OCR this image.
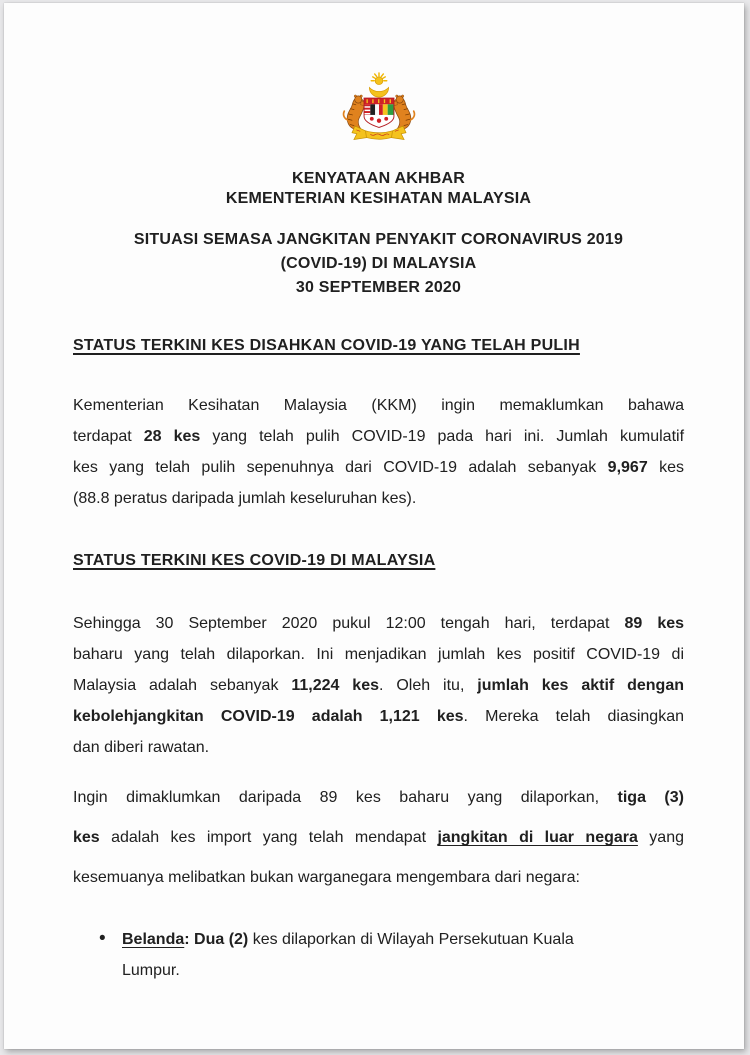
KENYATAAN AKHBAR
KEMENTERIAN KESIHATAN MALAYSIA
SITUASI SEMASA JANGKITAN PENYAKIT CORONAVIRUS 2019
(COVID-19) DI MALAYSIA
30 SEPTEMBER 2020
STATUS TERKINI KES DISAHKAN COVID-19 YANG TELAH PULIH

Kementerian Kesihatan Malaysia (KKM) ingin memaklumkan bahawa
terdapat 28 kes yang telah pulih COVID-19 pada hari ini. Jumlah kumulatif
kes yang telah pulih sepenuhnya dari COVID-19 adalah sebanyak 9,967 kes
(88.8 peratus daripada jumlah keseluruhan kes).

STATUS TERKINI KES COVID-19 DI MALAYSIA

Sehingga 30 September 2020 pukul 12:00 tengah hari, terdapat 89 kes
baharu yang telah dilaporkan. Ini menjadikan jumlah kes positif COVID-19 di
Malaysia adalah sebanyak 11,224 kes. Oleh itu, jumlah kes aktif dengan
kebolehjangkitan COVID-19 adalah 1,121 kes. Mereka telah diasingkan
dan diberi rawatan.

Ingin dimaklumkan daripada 89 kes baharu yang dilaporkan, tiga (3)
kes adalah kes import yang telah mendapat jangkitan di luar negara yang
kesemuanya melibatkan bukan warganegara mengembara dari negara:

• Belanda: Dua (2) kes dilaporkan di Wilayah Persekutuan Kuala
Lumpur.
